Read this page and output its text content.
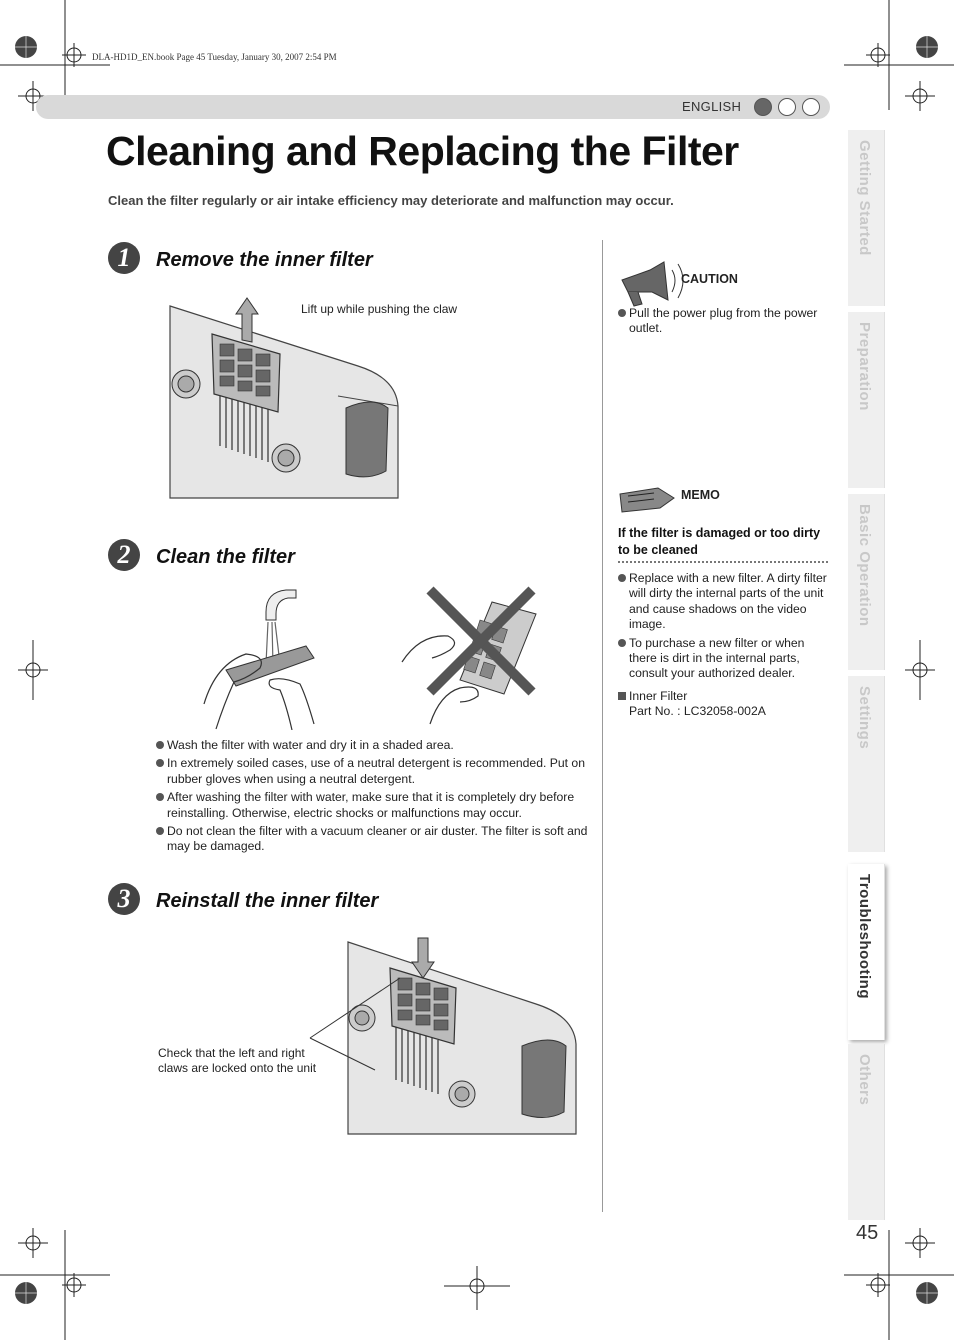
DLA-HD1D_EN.book Page 45 Tuesday, January 30, 2007 2:54 PM
ENGLISH
Cleaning and Replacing the Filter
Clean the filter regularly or air intake efficiency may deteriorate and malfunction may occur.
1	Remove the inner filter
Lift up while pushing the claw
2	Clean the filter
Wash the filter with water and dry it in a shaded area.
In extremely soiled cases, use of a neutral detergent is recommended. Put on rubber gloves when using a neutral detergent.
After washing the filter with water, make sure that it is completely dry before reinstalling. Otherwise, electric shocks or malfunctions may occur.
Do not clean the filter with a vacuum cleaner or air duster. The filter is soft and may be damaged.
3	Reinstall the inner filter
Check that the left and right
claws are locked onto the unit
CAUTION
Pull the power plug from the power outlet.
MEMO
If the filter is damaged or too dirty to be cleaned
Replace with a new filter. A dirty filter will dirty the internal parts of the unit and cause shadows on the video image.
To purchase a new filter or when there is dirt in the internal parts, consult your authorized dealer.
Inner Filter
Part No. : LC32058-002A
Getting Started
Preparation
Basic Operation
Settings
Troubleshooting
Others
45
